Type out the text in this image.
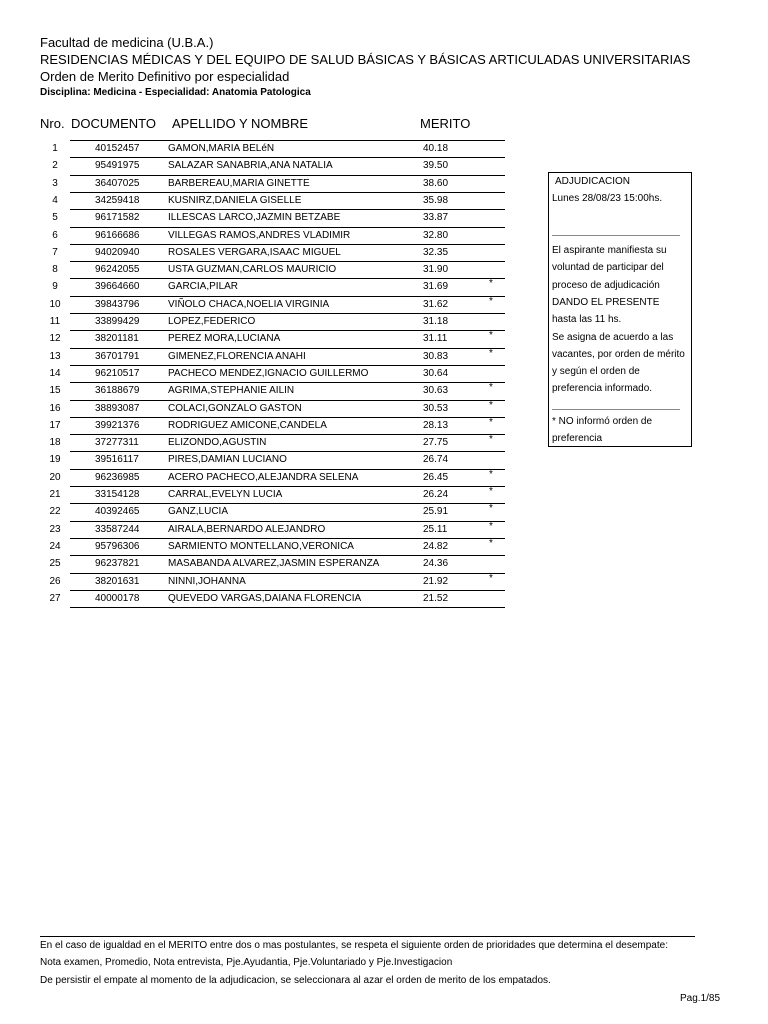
Facultad de medicina (U.B.A.)
RESIDENCIAS MÉDICAS Y DEL EQUIPO DE SALUD BÁSICAS Y BÁSICAS ARTICULADAS UNIVERSITARIAS
Orden de Merito Definitivo por especialidad
Disciplina: Medicina - Especialidad: Anatomia Patologica
Nro. DOCUMENTO APELLIDO Y NOMBRE	MERITO
1	40152457	GAMON,MARIA BELéN	40.18
2	95491975	SALAZAR SANABRIA,ANA NATALIA	39.50
3	36407025	BARBEREAU,MARIA GINETTE	38.60
4	34259418	KUSNIRZ,DANIELA GISELLE	35.98
5	96171582	ILLESCAS LARCO,JAZMIN BETZABE	33.87
6	96166686	VILLEGAS RAMOS,ANDRES VLADIMIR	32.80
7	94020940	ROSALES VERGARA,ISAAC MIGUEL	32.35
8	96242055	USTA GUZMAN,CARLOS MAURICIO	31.90
9	39664660	GARCIA,PILAR	31.69	*
10	39843796	VIÑOLO CHACA,NOELIA VIRGINIA	31.62	*
11	33899429	LOPEZ,FEDERICO	31.18
12	38201181	PEREZ MORA,LUCIANA	31.11	*
13	36701791	GIMENEZ,FLORENCIA ANAHI	30.83	*
14	96210517	PACHECO MENDEZ,IGNACIO GUILLERMO	30.64
15	36188679	AGRIMA,STEPHANIE AILIN	30.63	*
16	38893087	COLACI,GONZALO GASTON	30.53	*
17	39921376	RODRIGUEZ AMICONE,CANDELA	28.13	*
18	37277311	ELIZONDO,AGUSTIN	27.75	*
19	39516117	PIRES,DAMIAN LUCIANO	26.74
20	96236985	ACERO PACHECO,ALEJANDRA SELENA	26.45	*
21	33154128	CARRAL,EVELYN LUCIA	26.24	*
22	40392465	GANZ,LUCIA	25.91	*
23	33587244	AIRALA,BERNARDO ALEJANDRO	25.11	*
24	95796306	SARMIENTO MONTELLANO,VERONICA	24.82	*
25	96237821	MASABANDA ALVAREZ,JASMIN ESPERANZA	24.36
26	38201631	NINNI,JOHANNA	21.92	*
27	40000178	QUEVEDO VARGAS,DAIANA FLORENCIA	21.52
ADJUDICACION
Lunes 28/08/23 15:00hs.
El aspirante manifiesta su
voluntad de participar del
proceso de adjudicación
DANDO EL PRESENTE
hasta las 11 hs.
Se asigna de acuerdo a las
vacantes, por orden de mérito
y según el orden de
preferencia informado.
* NO informó orden de
preferencia
En el caso de igualdad en el MERITO entre dos o mas postulantes, se respeta el siguiente orden de prioridades que determina el desempate:
Nota examen, Promedio, Nota entrevista, Pje.Ayudantia, Pje.Voluntariado y Pje.Investigacion
De persistir el empate al momento de la adjudicacion, se seleccionara al azar el orden de merito de los empatados.
Pag.1/85
